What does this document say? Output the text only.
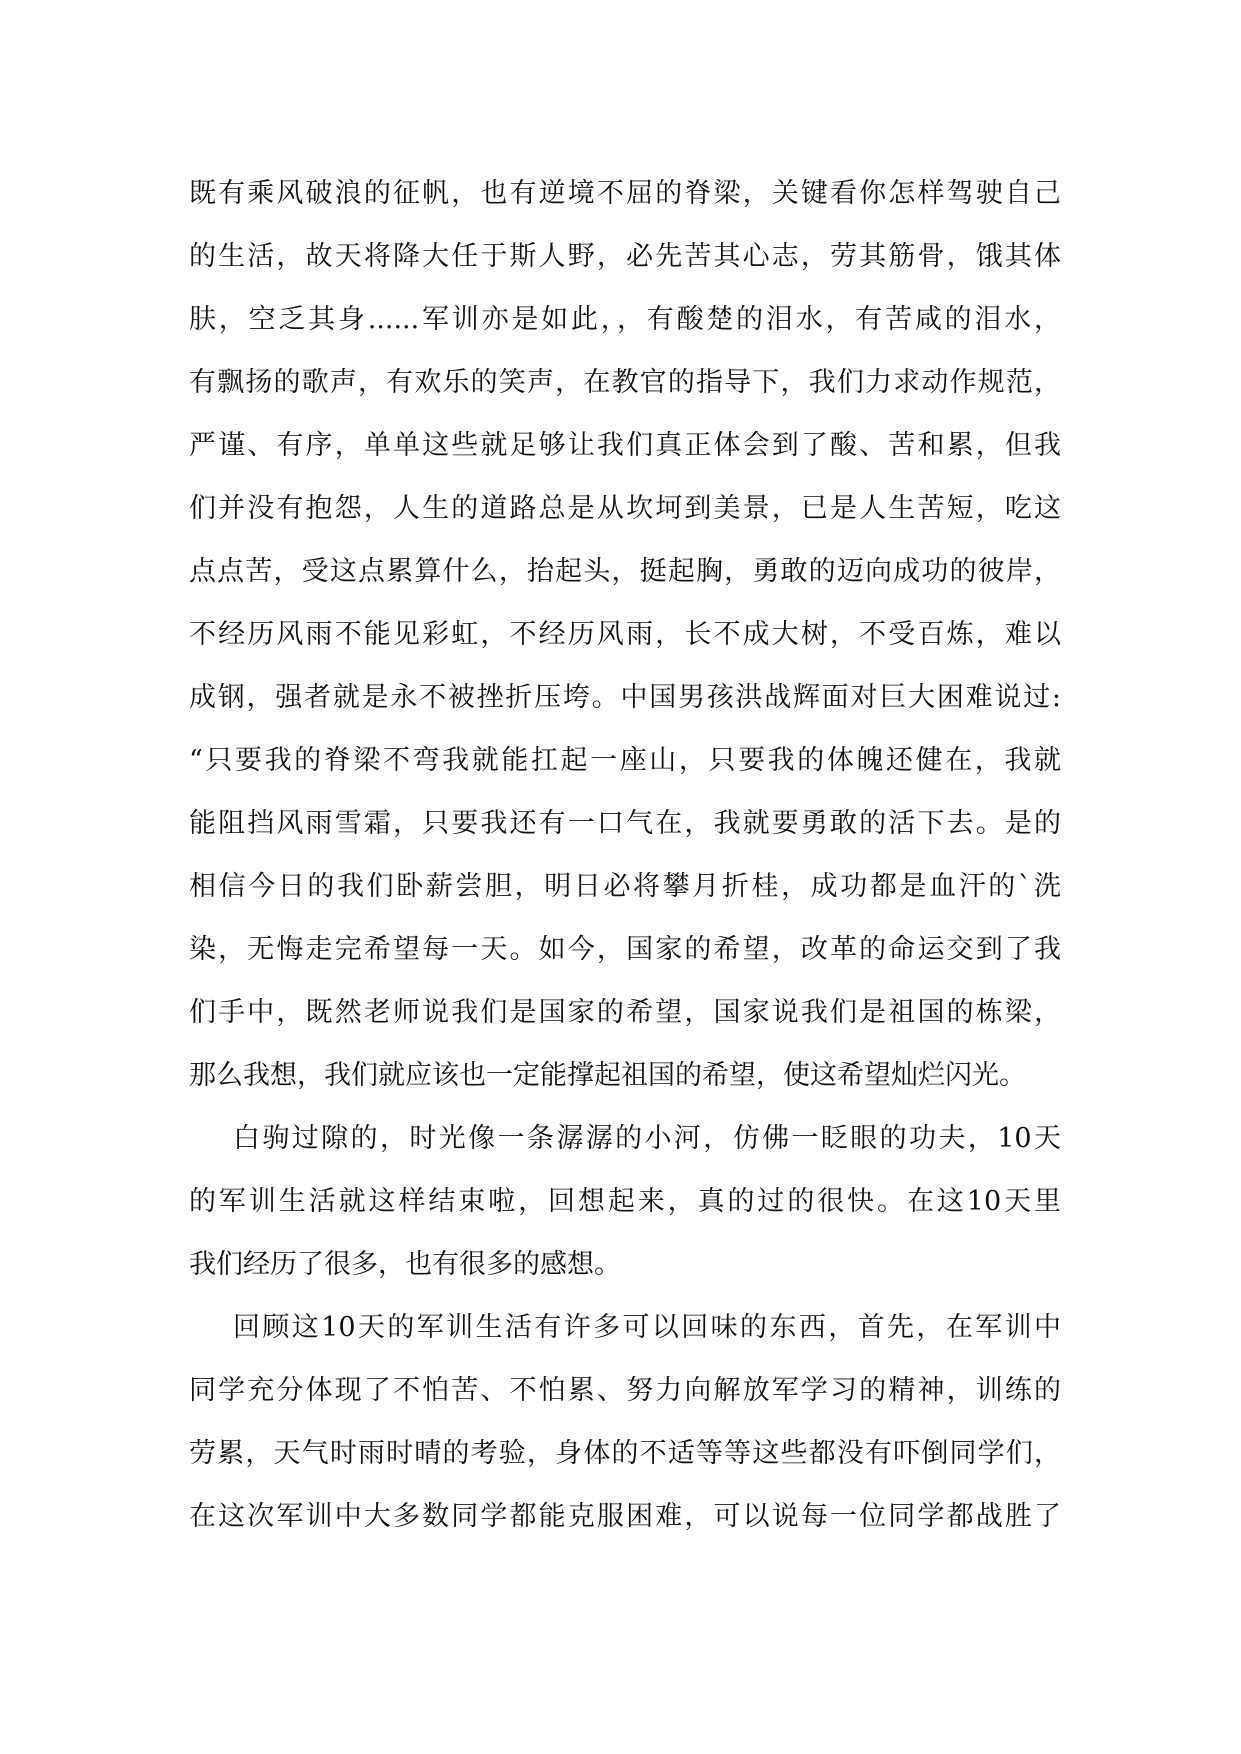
既有乘风破浪的征帆，也有逆境不屈的脊梁，关键看你怎样驾驶自己
的生活，故天将降大任于斯人野，必先苦其心志，劳其筋骨，饿其体
肤，空乏其身......军训亦是如此，，有酸楚的泪水，有苦咸的泪水，
有飘扬的歌声，有欢乐的笑声，在教官的指导下，我们力求动作规范，
严谨、有序，单单这些就足够让我们真正体会到了酸、苦和累，但我
们并没有抱怨，人生的道路总是从坎坷到美景，已是人生苦短，吃这
点点苦，受这点累算什么，抬起头，挺起胸，勇敢的迈向成功的彼岸，
不经历风雨不能见彩虹，不经历风雨，长不成大树，不受百炼，难以
成钢，强者就是永不被挫折压垮。中国男孩洪战辉面对巨大困难说过:
“只要我的脊梁不弯我就能扛起一座山，只要我的体魄还健在，我就
能阻挡风雨雪霜，只要我还有一口气在，我就要勇敢的活下去。是的
相信今日的我们卧薪尝胆，明日必将攀月折桂，成功都是血汗的`洗
染，无悔走完希望每一天。如今，国家的希望，改革的命运交到了我
们手中，既然老师说我们是国家的希望，国家说我们是祖国的栋梁，
那么我想，我们就应该也一定能撑起祖国的希望，使这希望灿烂闪光。
白驹过隙的，时光像一条潺潺的小河，仿佛一眨眼的功夫，10天
的军训生活就这样结束啦，回想起来，真的过的很快。在这10天里
我们经历了很多，也有很多的感想。
回顾这10天的军训生活有许多可以回味的东西，首先，在军训中
同学充分体现了不怕苦、不怕累、努力向解放军学习的精神，训练的
劳累，天气时雨时晴的考验，身体的不适等等这些都没有吓倒同学们，
在这次军训中大多数同学都能克服困难，可以说每一位同学都战胜了
